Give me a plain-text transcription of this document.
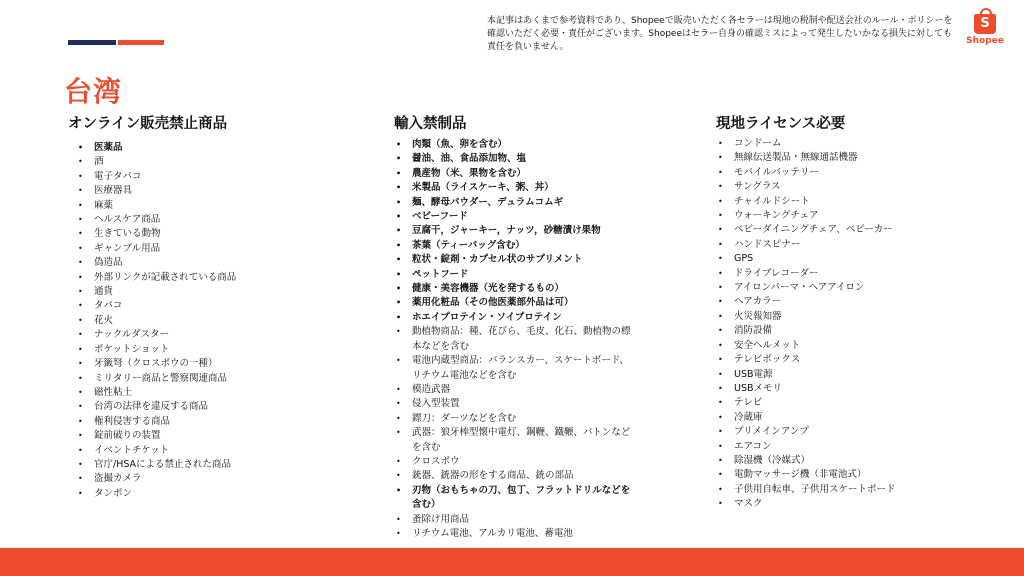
本記事はあくまで参考資料であり、Shopeeで販売いただく各セラーは現地の税制や配送会社のルール・ポリシーを確認いただく必要・責任がございます。Shopeeはセラー自身の確認ミスによって発生したいかなる損失に対しても責任を負いません。
S
Shopee
台湾
オンライン販売禁止商品
• 医薬品
• 酒
• 電子タバコ
• 医療器具
• 麻薬
• ヘルスケア商品
• 生きている動物
• ギャンブル用品
• 偽造品
• 外部リンクが記載されている商品
• 通貨
• タバコ
• 花火
• ナックルダスター
• ポケットショット
• 牙籤弩（クロスボウの一種）
• ミリタリー商品と警察関連商品
• 磁性粘土
• 台湾の法律を違反する商品
• 権利侵害する商品
• 錠前破りの装置
• イベントチケット
• 官庁/HSAによる禁止された商品
• 盗撮カメラ
• タンポン
輸入禁制品
• 肉類（魚、卵を含む）
• 醤油、油、食品添加物、塩
• 農産物（米、果物を含む）
• 米製品（ライスケーキ、粥、丼）
• 麺、酵母パウダー、デュラムコムギ
• ベビーフード
• 豆腐干，ジャーキー，ナッツ，砂糖漬け果物
• 茶葉（ティーバッグ含む）
• 粒状・錠剤・カプセル状のサプリメント
• ペットフード
• 健康・美容機器（光を発するもの）
• 薬用化粧品（その他医薬部外品は可）
• ホエイプロテイン・ソイプロテイン
• 動植物商品：種、花びら、毛皮、化石、動植物の標本などを含む
• 電池内蔵型商品：バランスカー、スケートボード、リチウム電池などを含む
• 模造武器
• 侵入型装置
• 鏢刀：ダーツなどを含む
• 武器：狼牙棒型懐中電灯、鋼鞭、鐵鞭、バトンなどを含む
• クロスボウ
• 銃器、銃器の形をする商品、銃の部品
• 刃物（おもちゃの刀、包丁、フラットドリルなどを含む）
• 蚤除け用商品
• リチウム電池、アルカリ電池、蓄電池
現地ライセンス必要
• コンドーム
• 無線伝送製品・無線通話機器
• モバイルバッテリー
• サングラス
• チャイルドシート
• ウォーキングチェア
• ベビーダイニングチェア、ベビーカー
• ハンドスピナー
• GPS
• ドライブレコーダー
• アイロンパーマ・ヘアアイロン
• ヘアカラー
• 火災報知器
• 消防設備
• 安全ヘルメット
• テレビボックス
• USB電源
• USBメモリ
• テレビ
• 冷蔵庫
• プリメインアンプ
• エアコン
• 除湿機（冷媒式）
• 電動マッサージ機（非電池式）
• 子供用自転車、子供用スケートボード
• マスク
